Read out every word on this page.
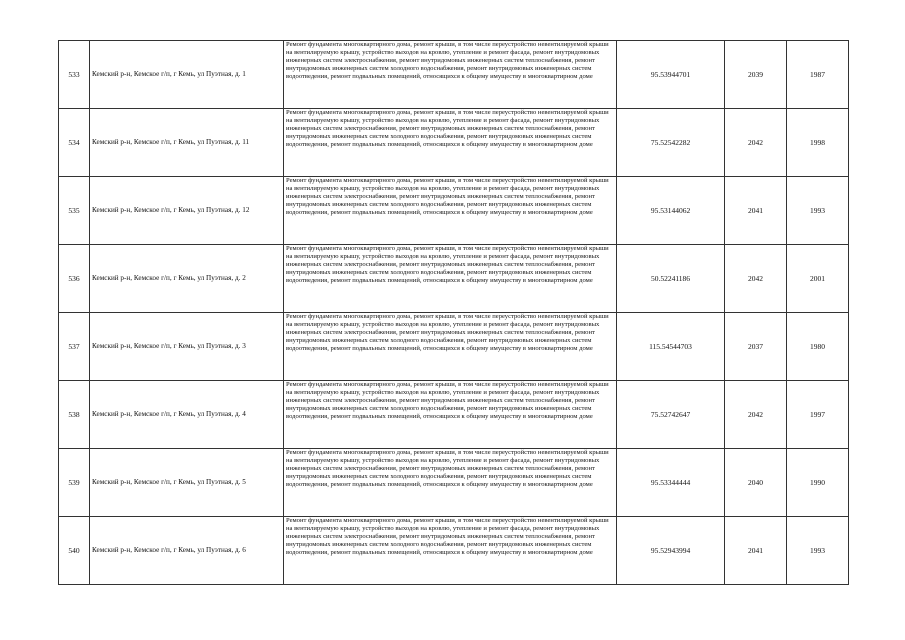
533	Кемский р-н, Кемское г/п, г Кемь, ул Пуэтная, д. 1	Ремонт фундамента многоквартирного дома, ремонт крыши, в том числе переустройство невентилируемой крыши на вентилируемую крышу, устройство выходов на кровлю, утепление и ремонт фасада, ремонт внутридомовых инженерных систем электроснабжения, ремонт внутридомовых инженерных систем теплоснабжения, ремонт внутридомовых инженерных систем холодного водоснабжения, ремонт внутридомовых инженерных систем водоотведения, ремонт подвальных помещений, относящихся к общему имуществу в многоквартирном доме	95.53944701	2039	1987
534	Кемский р-н, Кемское г/п, г Кемь, ул Пуэтная, д. 11	Ремонт фундамента многоквартирного дома, ремонт крыши, в том числе переустройство невентилируемой крыши на вентилируемую крышу, устройство выходов на кровлю, утепление и ремонт фасада, ремонт внутридомовых инженерных систем электроснабжения, ремонт внутридомовых инженерных систем теплоснабжения, ремонт внутридомовых инженерных систем холодного водоснабжения, ремонт внутридомовых инженерных систем водоотведения, ремонт подвальных помещений, относящихся к общему имуществу в многоквартирном доме	75.52542282	2042	1998
535	Кемский р-н, Кемское г/п, г Кемь, ул Пуэтная, д. 12	Ремонт фундамента многоквартирного дома, ремонт крыши, в том числе переустройство невентилируемой крыши на вентилируемую крышу, устройство выходов на кровлю, утепление и ремонт фасада, ремонт внутридомовых инженерных систем электроснабжения, ремонт внутридомовых инженерных систем теплоснабжения, ремонт внутридомовых инженерных систем холодного водоснабжения, ремонт внутридомовых инженерных систем водоотведения, ремонт подвальных помещений, относящихся к общему имуществу в многоквартирном доме	95.53144062	2041	1993
536	Кемский р-н, Кемское г/п, г Кемь, ул Пуэтная, д. 2	Ремонт фундамента многоквартирного дома, ремонт крыши, в том числе переустройство невентилируемой крыши на вентилируемую крышу, устройство выходов на кровлю, утепление и ремонт фасада, ремонт внутридомовых инженерных систем электроснабжения, ремонт внутридомовых инженерных систем теплоснабжения, ремонт внутридомовых инженерных систем холодного водоснабжения, ремонт внутридомовых инженерных систем водоотведения, ремонт подвальных помещений, относящихся к общему имуществу в многоквартирном доме	50.52241186	2042	2001
537	Кемский р-н, Кемское г/п, г Кемь, ул Пуэтная, д. 3	Ремонт фундамента многоквартирного дома, ремонт крыши, в том числе переустройство невентилируемой крыши на вентилируемую крышу, устройство выходов на кровлю, утепление и ремонт фасада, ремонт внутридомовых инженерных систем электроснабжения, ремонт внутридомовых инженерных систем теплоснабжения, ремонт внутридомовых инженерных систем холодного водоснабжения, ремонт внутридомовых инженерных систем водоотведения, ремонт подвальных помещений, относящихся к общему имуществу в многоквартирном доме	115.54544703	2037	1980
538	Кемский р-н, Кемское г/п, г Кемь, ул Пуэтная, д. 4	Ремонт фундамента многоквартирного дома, ремонт крыши, в том числе переустройство невентилируемой крыши на вентилируемую крышу, устройство выходов на кровлю, утепление и ремонт фасада, ремонт внутридомовых инженерных систем электроснабжения, ремонт внутридомовых инженерных систем теплоснабжения, ремонт внутридомовых инженерных систем холодного водоснабжения, ремонт внутридомовых инженерных систем водоотведения, ремонт подвальных помещений, относящихся к общему имуществу в многоквартирном доме	75.52742647	2042	1997
539	Кемский р-н, Кемское г/п, г Кемь, ул Пуэтная, д. 5	Ремонт фундамента многоквартирного дома, ремонт крыши, в том числе переустройство невентилируемой крыши на вентилируемую крышу, устройство выходов на кровлю, утепление и ремонт фасада, ремонт внутридомовых инженерных систем электроснабжения, ремонт внутридомовых инженерных систем теплоснабжения, ремонт внутридомовых инженерных систем холодного водоснабжения, ремонт внутридомовых инженерных систем водоотведения, ремонт подвальных помещений, относящихся к общему имуществу в многоквартирном доме	95.53344444	2040	1990
540	Кемский р-н, Кемское г/п, г Кемь, ул Пуэтная, д. 6	Ремонт фундамента многоквартирного дома, ремонт крыши, в том числе переустройство невентилируемой крыши на вентилируемую крышу, устройство выходов на кровлю, утепление и ремонт фасада, ремонт внутридомовых инженерных систем электроснабжения, ремонт внутридомовых инженерных систем теплоснабжения, ремонт внутридомовых инженерных систем холодного водоснабжения, ремонт внутридомовых инженерных систем водоотведения, ремонт подвальных помещений, относящихся к общему имуществу в многоквартирном доме	95.52943994	2041	1993
